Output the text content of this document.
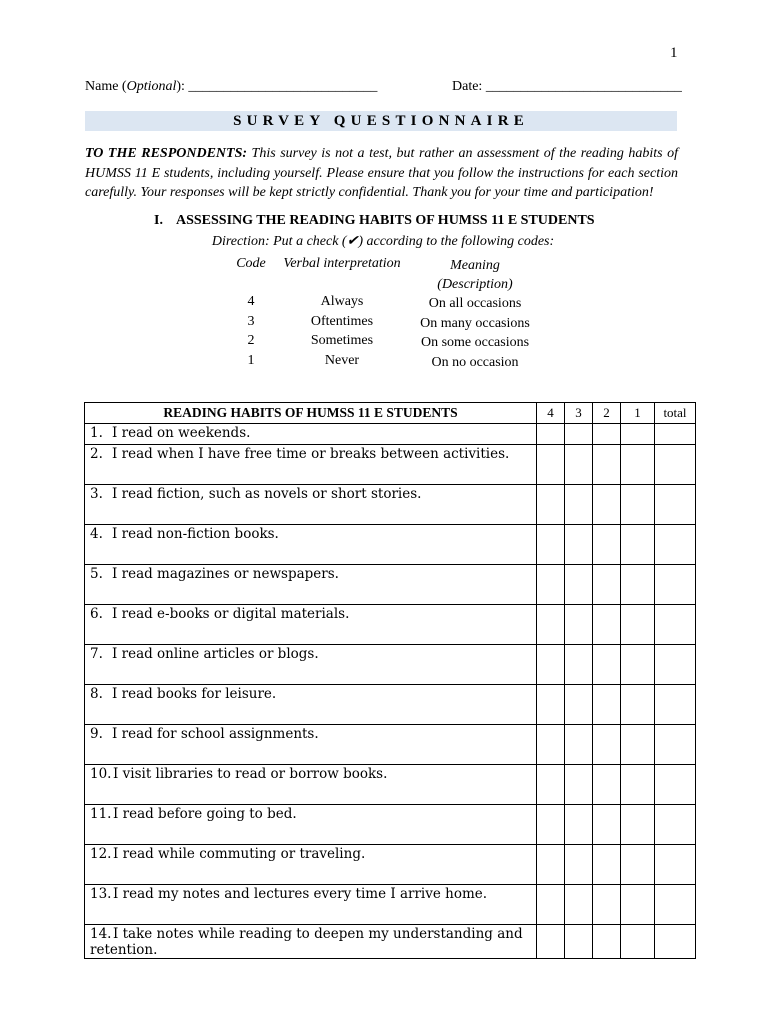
1
Name (Optional): ___________________________	Date: ____________________________
SURVEY QUESTIONNAIRE
TO THE RESPONDENTS: This survey is not a test, but rather an assessment of the reading habits of HUMSS 11 E students, including yourself. Please ensure that you follow the instructions for each section carefully. Your responses will be kept strictly confidential. Thank you for your time and participation!
I. ASSESSING THE READING HABITS OF HUMSS 11 E STUDENTS
Direction: Put a check (✔) according to the following codes:
Code	Verbal interpretation	Meaning
(Description)
4	Always	On all occasions
3	Oftentimes	On many occasions
2	Sometimes	On some occasions
1	Never	On no occasion
READING HABITS OF HUMSS 11 E STUDENTS	4	3	2	1	total
1. I read on weekends.					
2. I read when I have free time or breaks between activities.					
3. I read fiction, such as novels or short stories.					
4. I read non-fiction books.					
5. I read magazines or newspapers.					
6. I read e-books or digital materials.					
7. I read online articles or blogs.					
8. I read books for leisure.					
9. I read for school assignments.					
10. I visit libraries to read or borrow books.					
11. I read before going to bed.					
12. I read while commuting or traveling.					
13. I read my notes and lectures every time I arrive home.					
14. I take notes while reading to deepen my understanding and retention.					
